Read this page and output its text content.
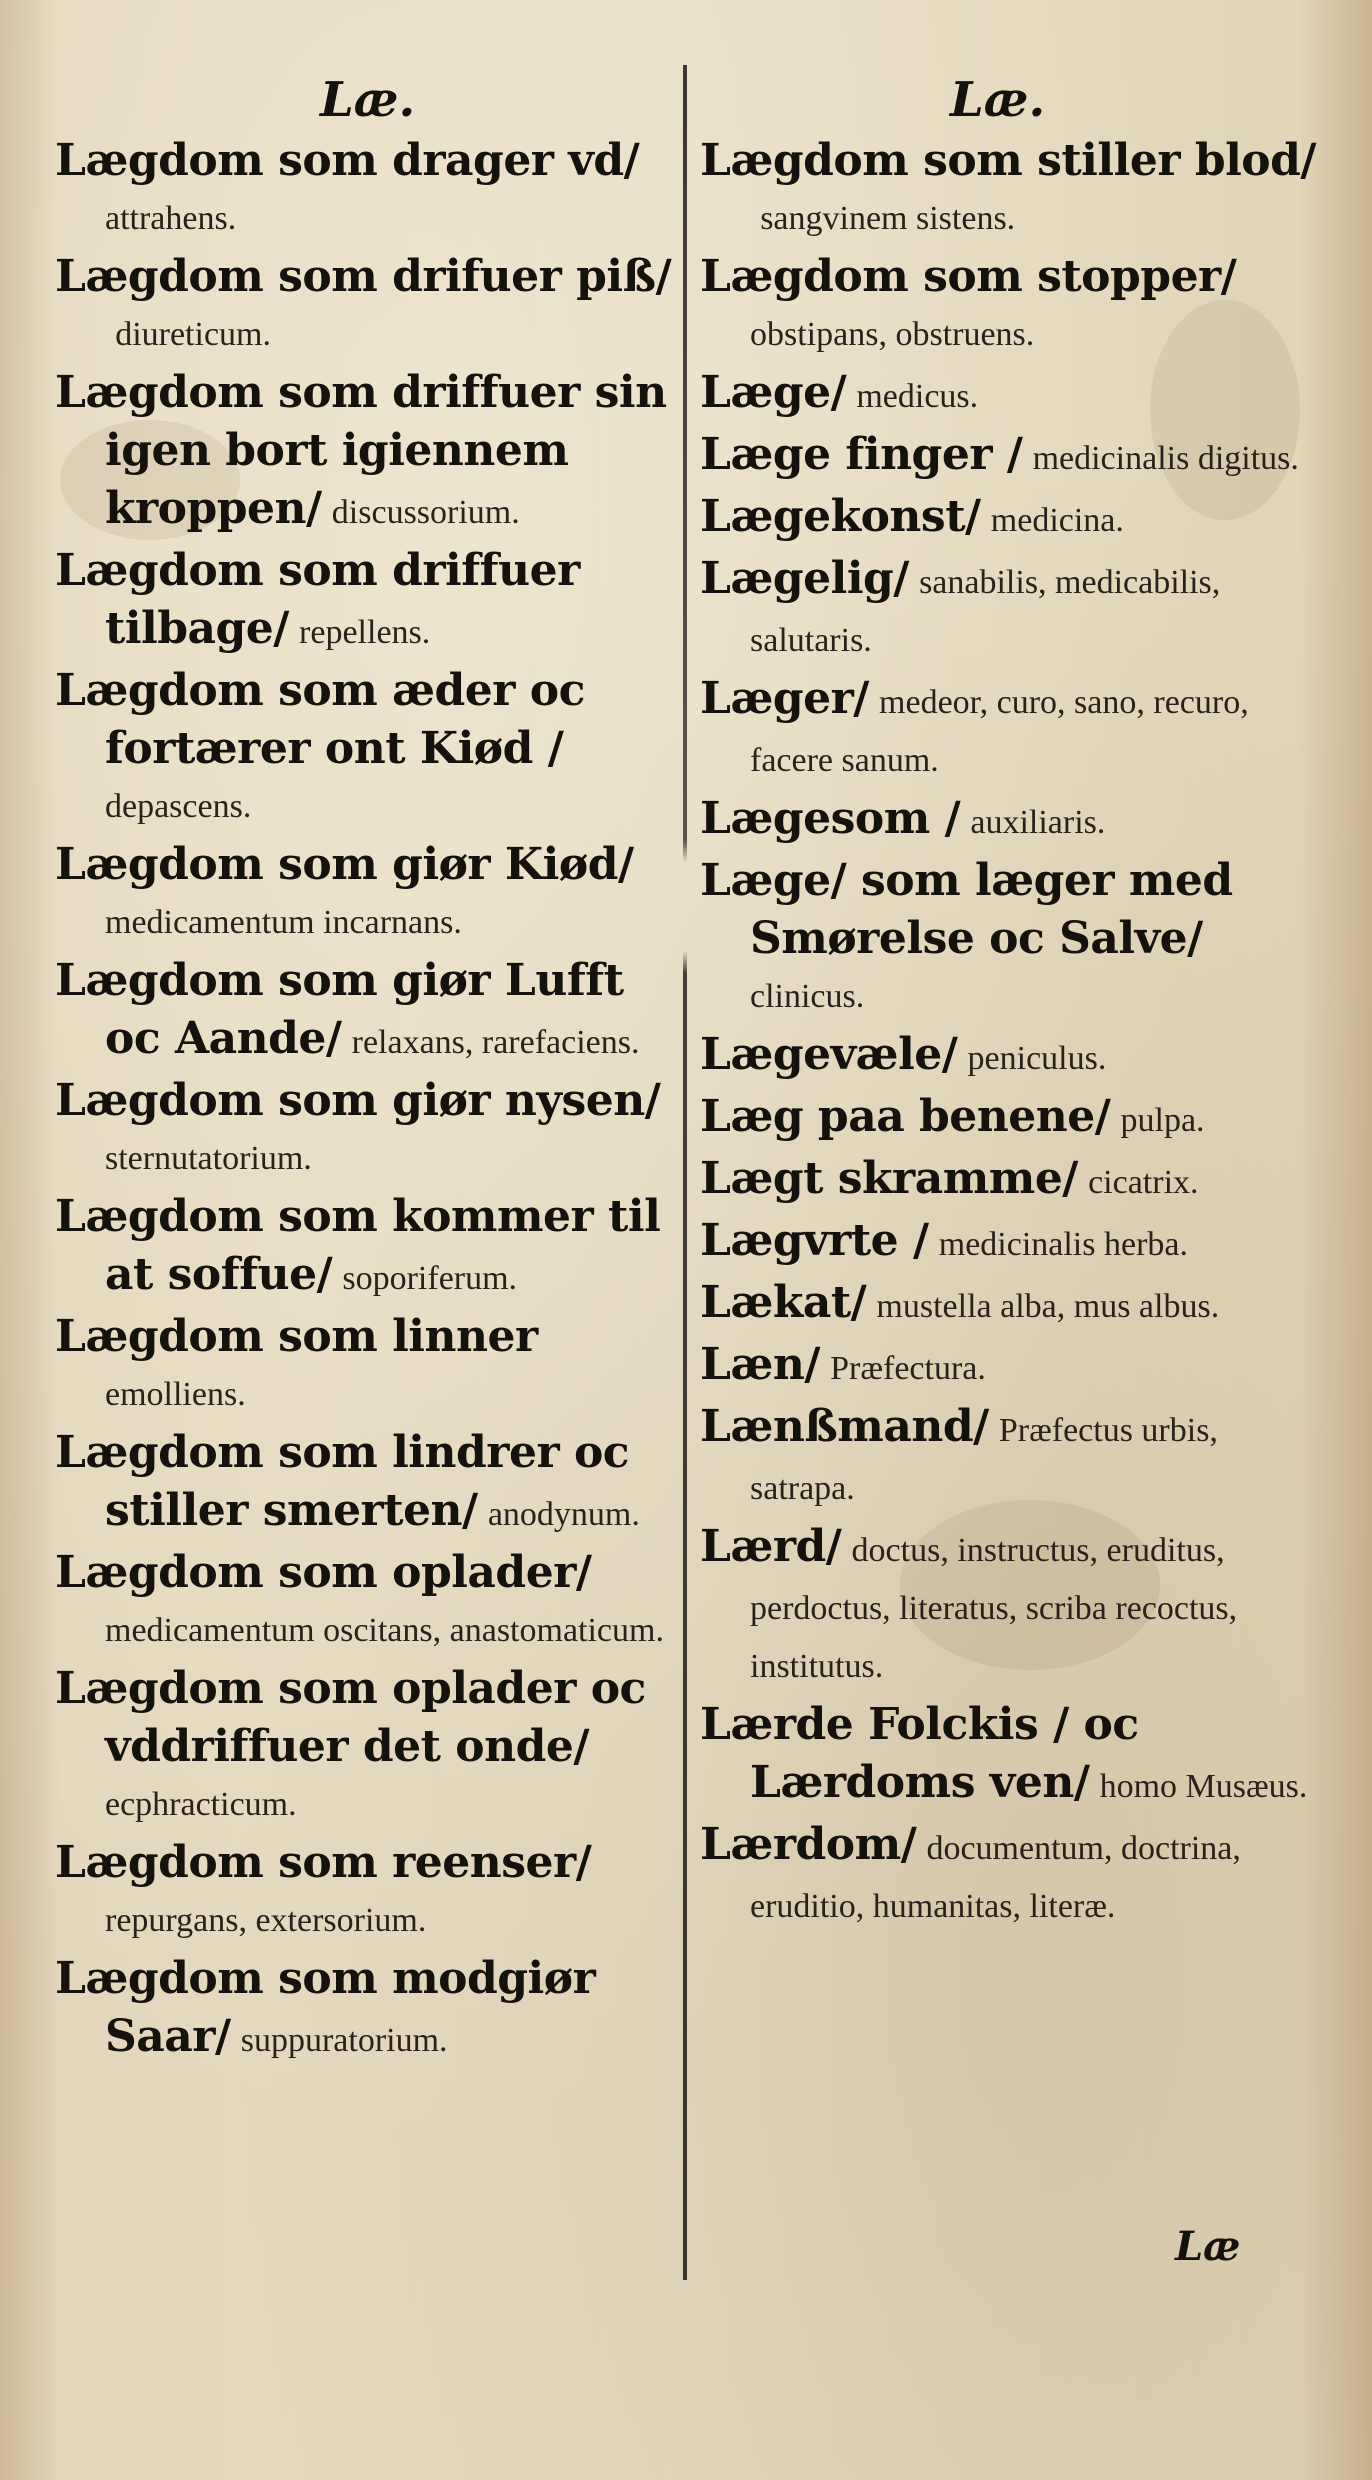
Læ.	Læ.
Lægdom som drager vd/attrahens.
Lægdom som drifuer piß/diureticum.
Lægdom som driffuer sin igen bort igiennem kroppen/ discussorium.
Lægdom som driffuer tilbage/ repellens.
Lægdom som æder oc fortærer ont Kiød /depascens.
Lægdom som giør Kiød/medicamentum incarnans.
Lægdom som giør Lufft oc Aande/ relaxans, rarefaciens.
Lægdom som giør nysen/sternutatorium.
Lægdom som kommer til at soffue/ soporiferum.
Lægdom som linneremolliens.
Lægdom som lindrer oc stiller smerten/ anodynum.
Lægdom som oplader/medicamentum oscitans, anastomaticum.
Lægdom som oplader oc vddriffuer det onde/ecphracticum.
Lægdom som reenser/repurgans, extersorium.
Lægdom som modgiør Saar/ suppuratorium.
Lægdom som stiller blod/sangvinem sistens.
Lægdom som stopper/obstipans, obstruens.
Læge/ medicus.
Læge finger / medicinalis digitus.
Lægekonst/ medicina.
Lægelig/ sanabilis, medicabilis, salutaris.
Læger/ medeor, curo, sano, recuro, facere sanum.
Lægesom / auxiliaris.
Læge/ som læger med Smørelse oc Salve/clinicus.
Lægevæle/ peniculus.
Læg paa benene/ pulpa.
Lægt skramme/ cicatrix.
Lægvrte / medicinalis herba.
Lækat/ mustella alba, mus albus.
Læn/ Præfectura.
Lænßmand/ Præfectus urbis, satrapa.
Lærd/ doctus, instructus, eruditus, perdoctus, literatus, scriba recoctus, institutus.
Lærde Folckis / oc Lærdoms ven/ homo Musæus.
Lærdom/ documentum, doctrina, eruditio, humanitas, literæ.
Læ
